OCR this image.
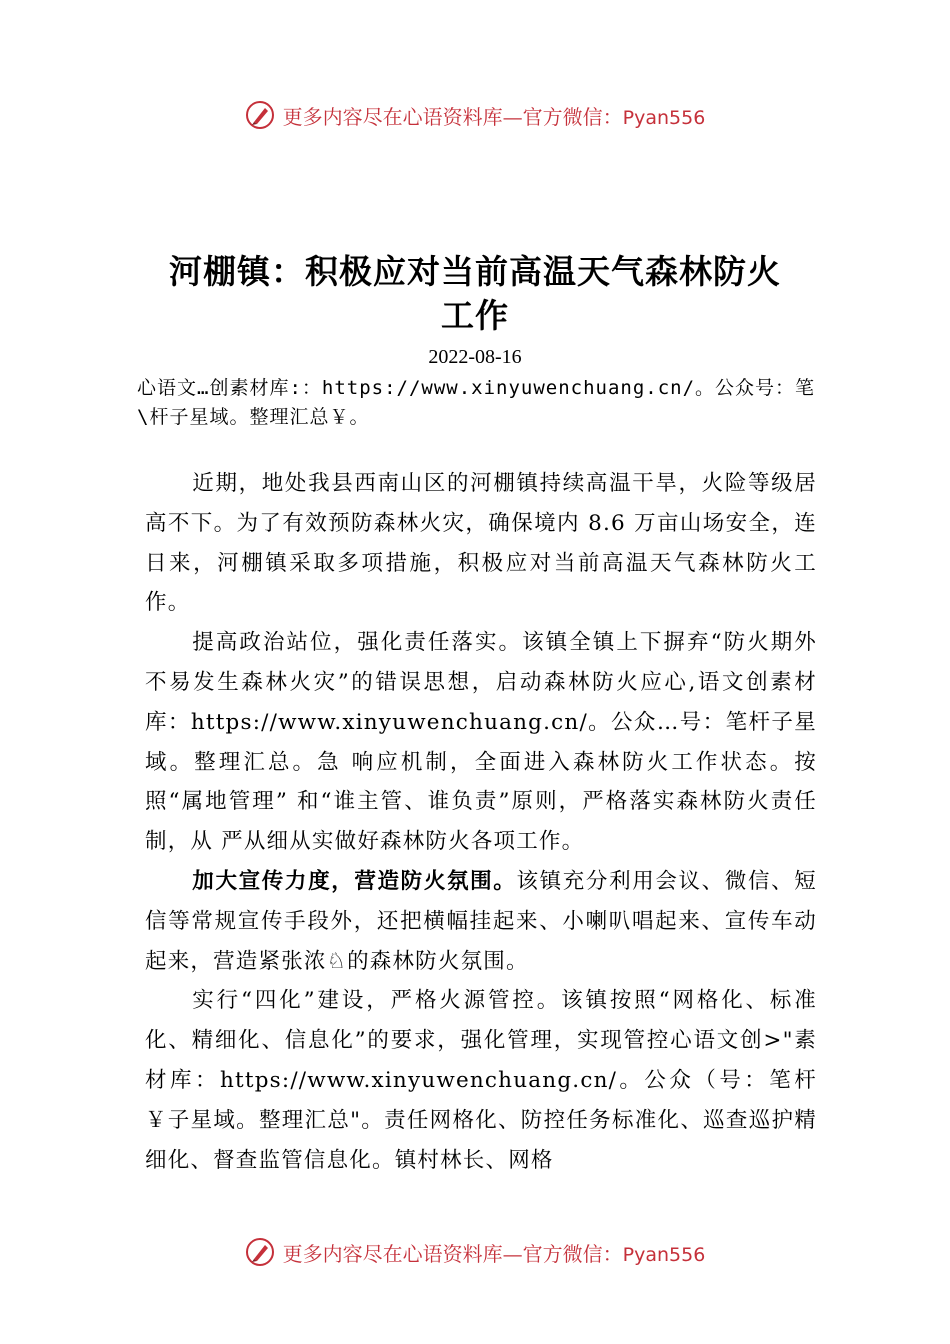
更多内容尽在心语资料库—官方微信：Pyan556
河棚镇：积极应对当前高温天气森林防火
工作
2022-08-16
心语文…创素材库:：https://www.xinyuwenchuang.cn/。公众号：笔\杆子星域。整理汇总￥。

近期，地处我县西南山区的河棚镇持续高温干旱，火险等级居高不下。为了有效预防森林火灾，确保境内 8.6 万亩山场安全，连日来，河棚镇采取多项措施，积极应对当前高温天气森林防火工作。

提高政治站位，强化责任落实。该镇全镇上下摒弃“防火期外不易发生森林火灾”的错误思想，启动森林防火应心,语文创素材库：https://www.xinyuwenchuang.cn/。公众…号：笔杆子星域。整理汇总。急 响应机制，全面进入森林防火工作状态。按照“属地管理” 和“谁主管、谁负责”原则，严格落实森林防火责任制，从 严从细从实做好森林防火各项工作。

加大宣传力度，营造防火氛围。该镇充分利用会议、微信、短信等常规宣传手段外，还把横幅挂起来、小喇叭唱起来、宣传车动起来，营造紧张浓♘的森林防火氛围。

实行“四化”建设，严格火源管控。该镇按照“网格化、标准化、精细化、信息化”的要求，强化管理，实现管控心语文创>"素材库：https://www.xinyuwenchuang.cn/。公众（号：笔杆￥子星域。整理汇总"。责任网格化、防控任务标准化、巡查巡护精细化、督查监管信息化。镇村林长、网格

更多内容尽在心语资料库—官方微信：Pyan556
